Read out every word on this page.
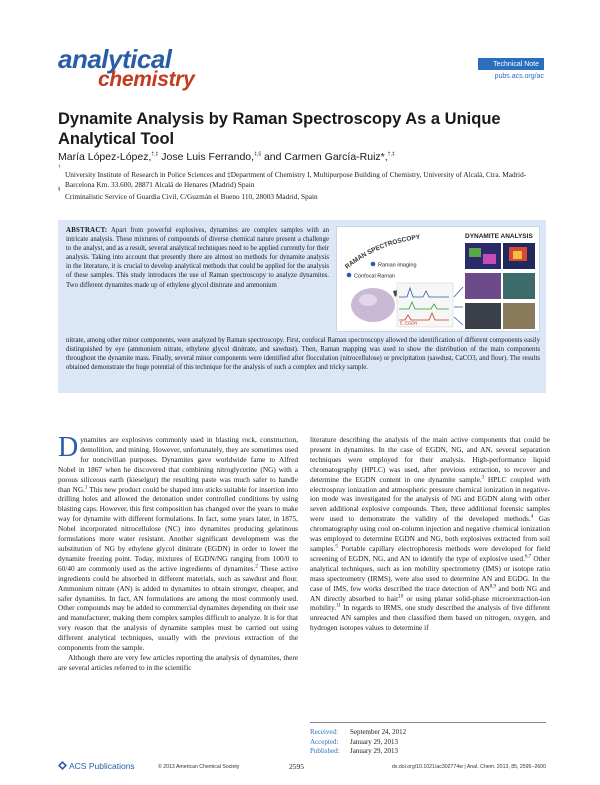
analytical
chemistry
Technical Note
pubs.acs.org/ac
Dynamite Analysis by Raman Spectroscopy As a Unique Analytical Tool
María López-López,†,‡ Jose Luis Ferrando,‡,§ and Carmen García-Ruiz*,†,‡
†
University Institute of Research in Police Sciences and ‡Department of Chemistry I, Multipurpose Building of Chemistry, University of Alcalá, Ctra. Madrid-Barcelona Km. 33.600, 28871 Alcalá de Henares (Madrid) Spain
§
Criminalistic Service of Guardia Civil, C/Guzmán el Bueno 110, 28003 Madrid, Spain

ABSTRACT: Apart from powerful explosives, dynamites are complex samples with an intricate analysis. These mixtures of compounds of diverse chemical nature present a challenge to the analyst, and as a result, several analytical techniques need to be applied currently for their analysis. Taking into account that presently there are almost no methods for dynamite analysis in the literature, it is crucial to develop analytical methods that could be applied for the analysis of these samples. This study introduces the use of Raman spectroscopy to analyze dynamites. Two different dynamites made up of ethylene glycol dinitrate and ammonium

RAMAN SPECTROSCOPY
Raman imaging
Confocal Raman
E. EGDN
DYNAMITE ANALYSIS

nitrate, among other minor components, were analyzed by Raman spectroscopy. First, confocal Raman spectroscopy allowed the identification of different components easily distinguished by eye (ammonium nitrate, ethylene glycol dinitrate, and sawdust). Then, Raman mapping was used to show the distribution of the main components throughout the dynamite mass. Finally, several minor components were identified after flocculation (nitrocellulose) or precipitation (sawdust, CaCO3, and flour). The results obtained demonstrate the huge potential of this technique for the analysis of such a complex and tricky sample.

Dynamites are explosives commonly used in blasting rock, construction, demolition, and mining. However, unfortunately, they are sometimes used for noncivilian purposes. Dynamites gave worldwide fame to Alfred Nobel in 1867 when he discovered that combining nitroglycerine (NG) with a porous siliceous earth (kieselgur) the resulting paste was much safer to handle than NG.$^1$ This new product could be shaped into sticks suitable for insertion into drilling holes and allowed the detonation under controlled conditions by using blasting caps. However, this first composition has changed over the years to make way for dynamite with different formulations. In fact, some years later, in 1875, Nobel incorporated nitrocellulose (NC) into dynamites producing gelatinous formulations more water resistant. Another significant development was the substitution of NG by ethylene glycol dinitrate (EGDN) in order to lower the dynamite freezing point. Today, mixtures of EGDN/NG ranging from 100/0 to 60/40 are commonly used as the active ingredients of dynamites.$^2$ These active ingredients could be absorbed in different materials, such as sawdust and flour. Ammonium nitrate (AN) is added to dynamites to obtain stronger, cheaper, and safer dynamites. In fact, AN formulations are among the most commonly used. Other compounds may be added to commercial dynamites depending on their use and manufacturer, making them complex samples difficult to analyze. It is for that very reason that the analysis of dynamite samples must be carried out using different analytical techniques, usually with the previous extraction of the components from the sample.

Although there are very few articles reporting the analysis of dynamites, there are several articles referred to in the scientific

literature describing the analysis of the main active components that could be present in dynamites. In the case of EGDN, NG, and AN, several separation techniques were employed for their analysis. High-performance liquid chromatography (HPLC) was used, after previous extraction, to recover and determine the EGDN content in one dynamite sample.$^3$ HPLC coupled with electrospray ionization and atmospheric pressure chemical ionization in negative-ion mode was investigated for the analysis of NG and EGDN along with other seven additional explosive compounds. Then, three additional forensic samples were used to demonstrate the validity of the developed methods.$^4$ Gas chromatography using cool on-column injection and negative chemical ionization was employed to determine EGDN and NG, both explosives extracted from soil samples.$^5$ Portable capillary electrophoresis methods were developed for field screening of EGDN, NG, and AN to identify the type of explosive used.$^{6,7}$ Other analytical techniques, such as ion mobility spectrometry (IMS) or isotope ratio mass spectrometry (IRMS), were also used to determine AN and EGDG. In the case of IMS, few works described the trace detection of AN$^{8,9}$ and both NG and AN directly absorbed to hair$^{10}$ or using planar solid-phase microextraction-ion mobility.$^{11}$ In regards to IRMS, one study described the analysis of five different unreacted AN samples and then classified them based on nitrogen, oxygen, and hydrogen isotopes values to determine if

Received: September 24, 2012
Accepted: January 29, 2013
Published: January 29, 2013
ACS Publications	© 2013 American Chemical Society	2595	dx.doi.org/10.1021/ac302774w | Anal. Chem. 2013, 85, 2595−2600
